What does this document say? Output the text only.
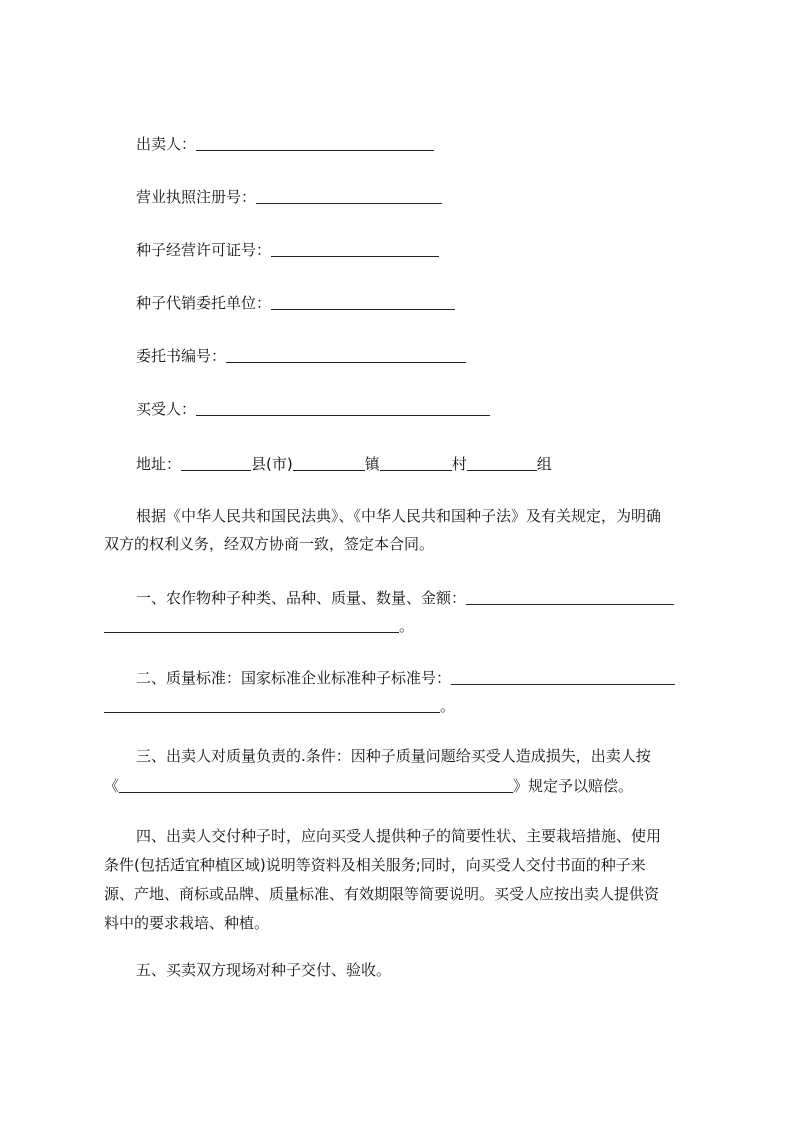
出卖人：
营业执照注册号：
种子经营许可证号：
种子代销委托单位：
委托书编号：
买受人：
地址：	县(市)	镇	村	组
根据《中华人民共和国民法典》、《中华人民共和国种子法》及有关规定，为明确
双方的权利义务，经双方协商一致，签定本合同。
一、农作物种子种类、品种、质量、数量、金额：
。
二、质量标准：国家标准企业标准种子标准号：
。
三、出卖人对质量负责的.条件：因种子质量问题给买受人造成损失，出卖人按
《	》规定予以赔偿。
四、出卖人交付种子时，应向买受人提供种子的简要性状、主要栽培措施、使用
条件(包括适宜种植区域)说明等资料及相关服务;同时，向买受人交付书面的种子来
源、产地、商标或品牌、质量标准、有效期限等简要说明。买受人应按出卖人提供资
料中的要求栽培、种植。
五、买卖双方现场对种子交付、验收。
